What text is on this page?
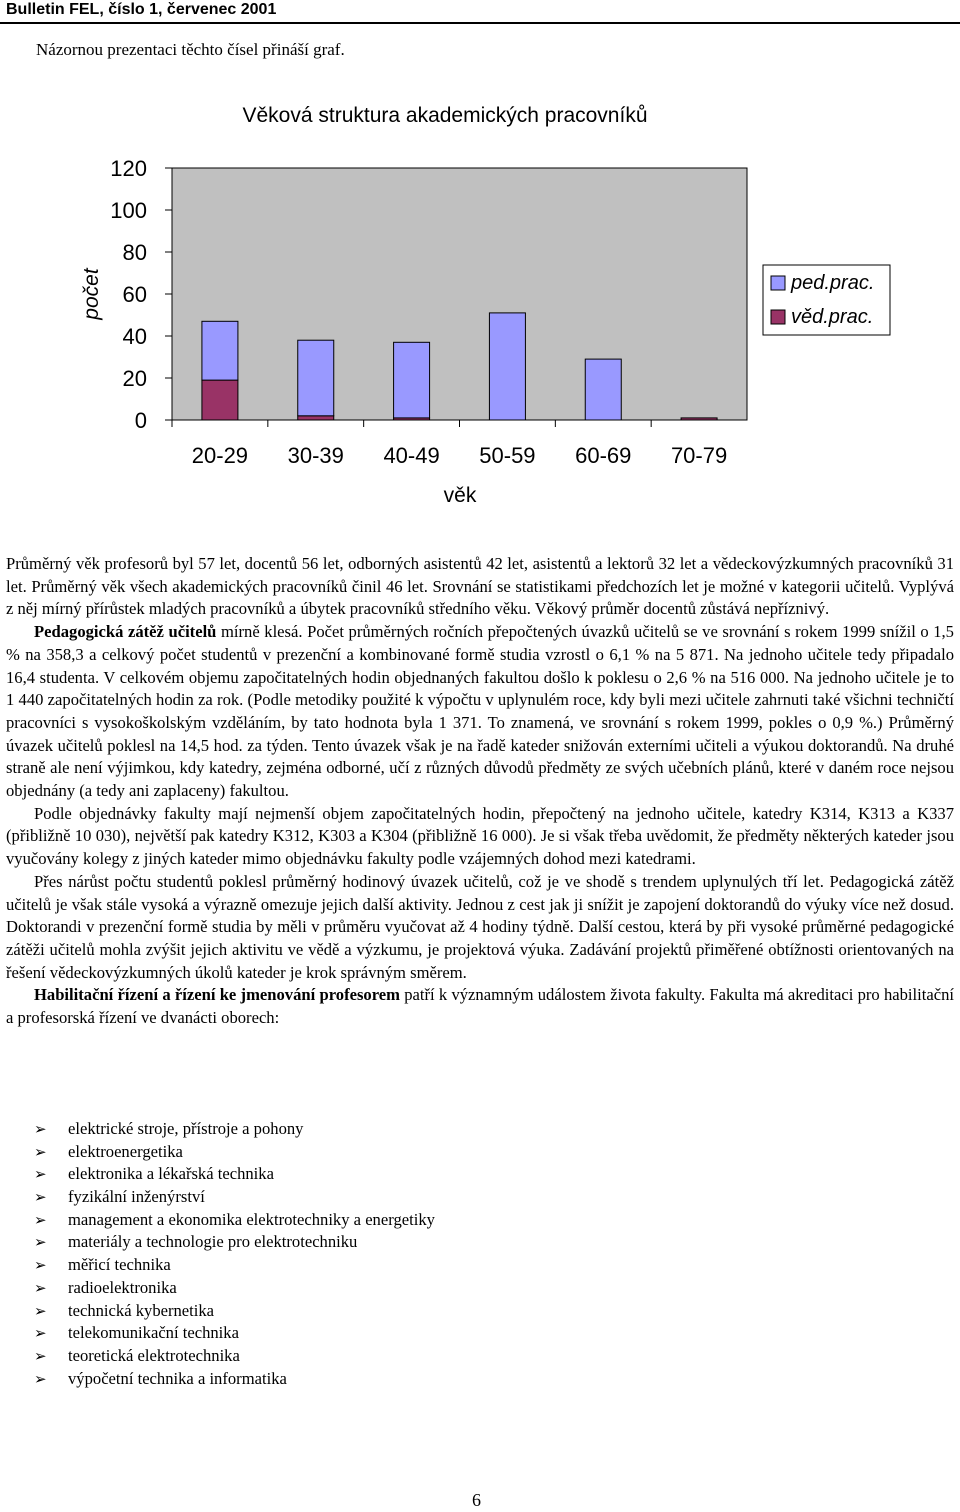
Bulletin FEL, číslo 1, červenec 2001
Názornou prezentaci těchto čísel přináší graf.
Věková struktura akademických pracovníků
0
20
40
60
80
100
120
počet
20-29 30-39 40-49 50-59 60-69 70-79
věk
ped.prac.
věd.prac.

Průměrný věk profesorů byl 57 let, docentů 56 let, odborných asistentů 42 let, asistentů a lektorů 32 let a vědeckovýzkumných pracovníků 31 let. Průměrný věk všech akademických pracovníků činil 46 let. Srovnání se statistikami předchozích let je možné v kategorii učitelů. Vyplývá z něj mírný přírůstek mladých pracovníků a úbytek pracovníků středního věku. Věkový průměr docentů zůstává nepříznivý.

Pedagogická zátěž učitelů mírně klesá. Počet průměrných ročních přepočtených úvazků učitelů se ve srovnání s rokem 1999 snížil o 1,5 % na 358,3 a celkový počet studentů v prezenční a kombinované formě studia vzrostl o 6,1 % na 5 871. Na jednoho učitele tedy připadalo 16,4 studenta. V celkovém objemu započitatelných hodin objednaných fakultou došlo k poklesu o 2,6 % na 516 000. Na jednoho učitele je to 1 440 započitatelných hodin za rok. (Podle metodiky použité k výpočtu v uplynulém roce, kdy byli mezi učitele zahrnuti také všichni techničtí pracovníci s vysokoškolským vzděláním, by tato hodnota byla 1 371. To znamená, ve srovnání s rokem 1999, pokles o 0,9 %.) Průměrný úvazek učitelů poklesl na 14,5 hod. za týden. Tento úvazek však je na řadě kateder snižován externími učiteli a výukou doktorandů. Na druhé straně ale není výjimkou, kdy katedry, zejména odborné, učí z různých důvodů předměty ze svých učebních plánů, které v daném roce nejsou objednány (a tedy ani zaplaceny) fakultou.

Podle objednávky fakulty mají nejmenší objem započitatelných hodin, přepočtený na jednoho učitele, katedry K314, K313 a K337 (přibližně 10 030), největší pak katedry K312, K303 a K304 (přibližně 16 000). Je si však třeba uvědomit, že předměty některých kateder jsou vyučovány kolegy z jiných kateder mimo objednávku fakulty podle vzájemných dohod mezi katedrami.

Přes nárůst počtu studentů poklesl průměrný hodinový úvazek učitelů, což je ve shodě s trendem uplynulých tří let. Pedagogická zátěž učitelů je však stále vysoká a výrazně omezuje jejich další aktivity. Jednou z cest jak ji snížit je zapojení doktorandů do výuky více než dosud. Doktorandi v prezenční formě studia by měli v průměru vyučovat až 4 hodiny týdně. Další cestou, která by při vysoké průměrné pedagogické zátěži učitelů mohla zvýšit jejich aktivitu ve vědě a výzkumu, je projektová výuka. Zadávání projektů přiměřené obtížnosti orientovaných na řešení vědeckovýzkumných úkolů kateder je krok správným směrem.

Habilitační řízení a řízení ke jmenování profesorem patří k významným událostem života fakulty. Fakulta má akreditaci pro habilitační a profesorská řízení ve dvanácti oborech:

➢ elektrické stroje, přístroje a pohony
➢ elektroenergetika
➢ elektronika a lékařská technika
➢ fyzikální inženýrství
➢ management a ekonomika elektrotechniky a energetiky
➢ materiály a technologie pro elektrotechniku
➢ měřicí technika
➢ radioelektronika
➢ technická kybernetika
➢ telekomunikační technika
➢ teoretická elektrotechnika
➢ výpočetní technika a informatika
6
